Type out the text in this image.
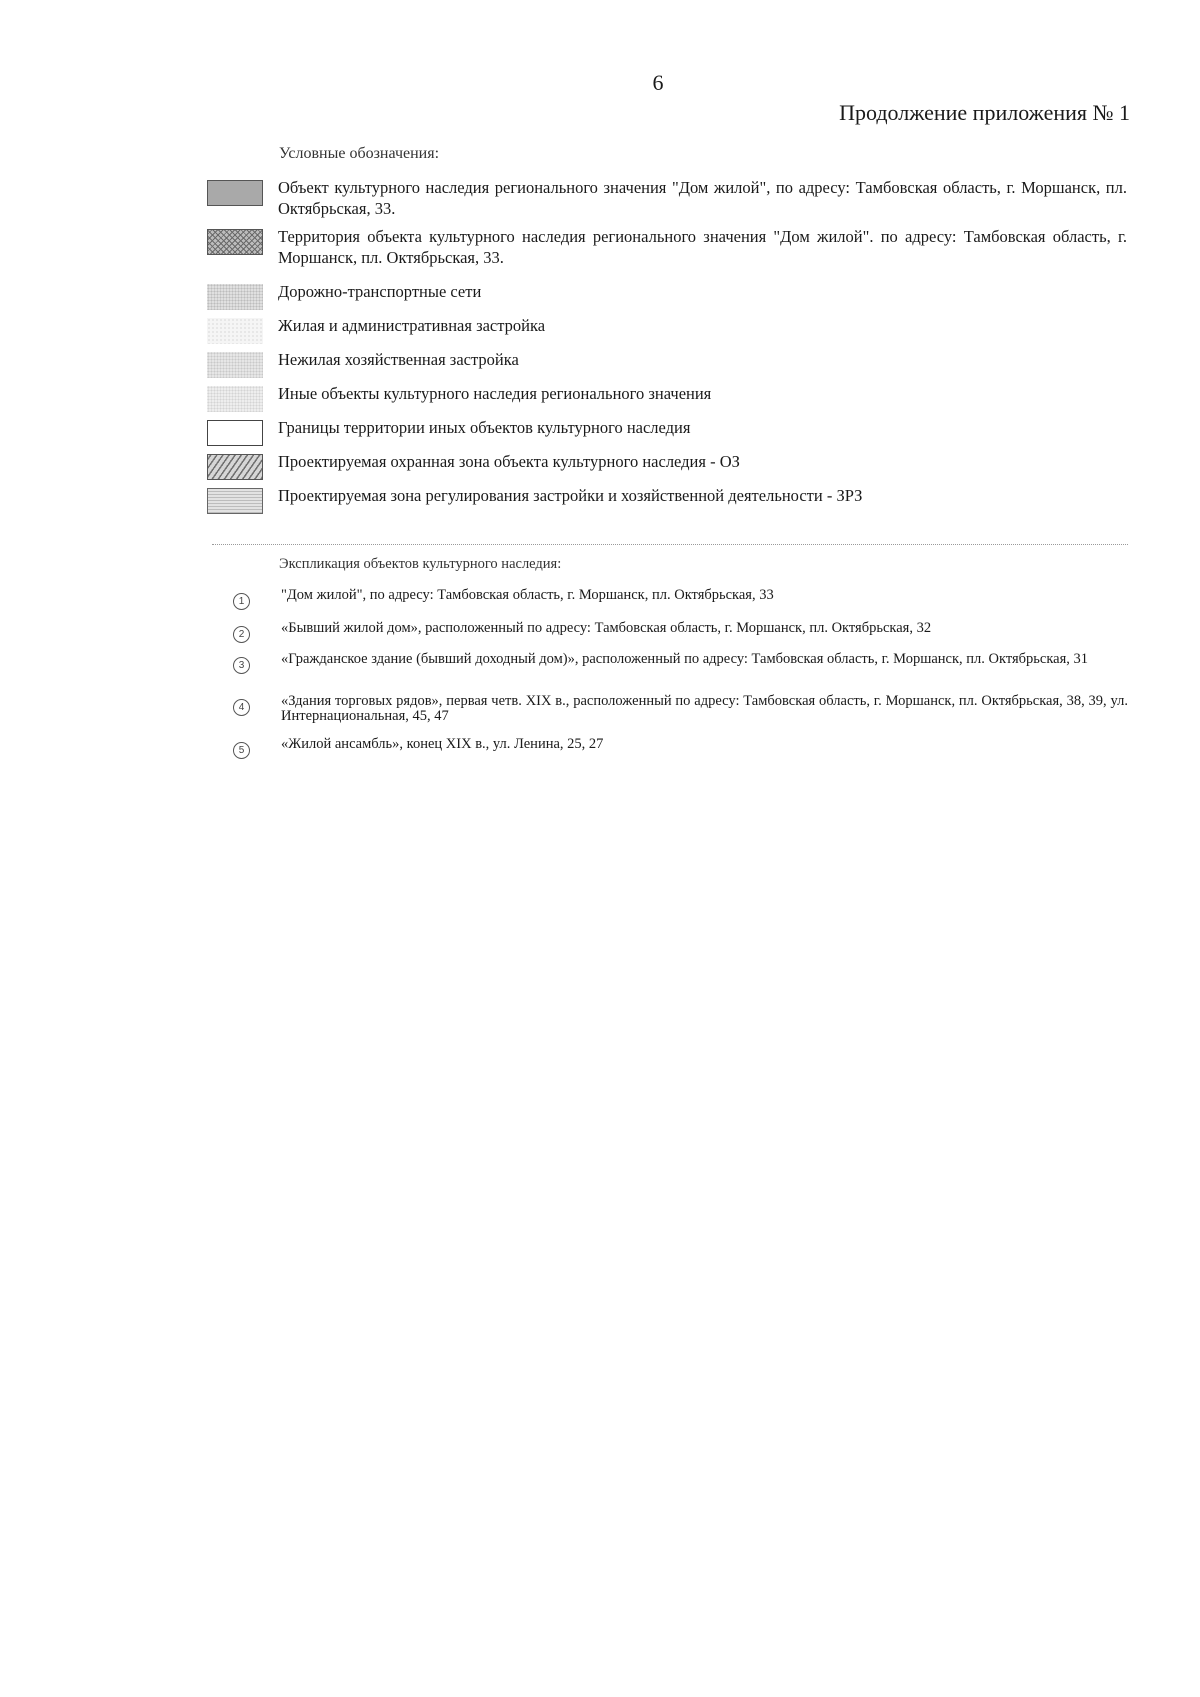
6
Продолжение приложения № 1
Условные обозначения:
Объект культурного наследия регионального значения "Дом жилой", по адресу: Тамбовская область, г. Моршанск, пл. Октябрьская, 33.
Территория объекта культурного наследия регионального значения "Дом жилой". по адресу: Тамбовская область, г. Моршанск, пл. Октябрьская, 33.
Дорожно-транспортные сети
Жилая и административная застройка
Нежилая хозяйственная застройка
Иные объекты культурного наследия регионального значения
Границы территории иных объектов культурного наследия
Проектируемая охранная зона объекта культурного наследия - ОЗ
Проектируемая зона регулирования застройки и хозяйственной деятельности - ЗРЗ
Экспликация объектов культурного наследия:
1	"Дом жилой", по адресу: Тамбовская область, г. Моршанск, пл. Октябрьская, 33
2	«Бывший жилой дом», расположенный по адресу: Тамбовская область, г. Моршанск, пл. Октябрьская, 32
3	«Гражданское здание (бывший доходный дом)», расположенный по адресу: Тамбовская область, г. Моршанск, пл. Октябрьская, 31
4	«Здания торговых рядов», первая четв. XIX в., расположенный по адресу: Тамбовская область, г. Моршанск, пл. Октябрьская, 38, 39, ул. Интернациональная, 45, 47
5	«Жилой ансамбль», конец XIX в., ул. Ленина, 25, 27
